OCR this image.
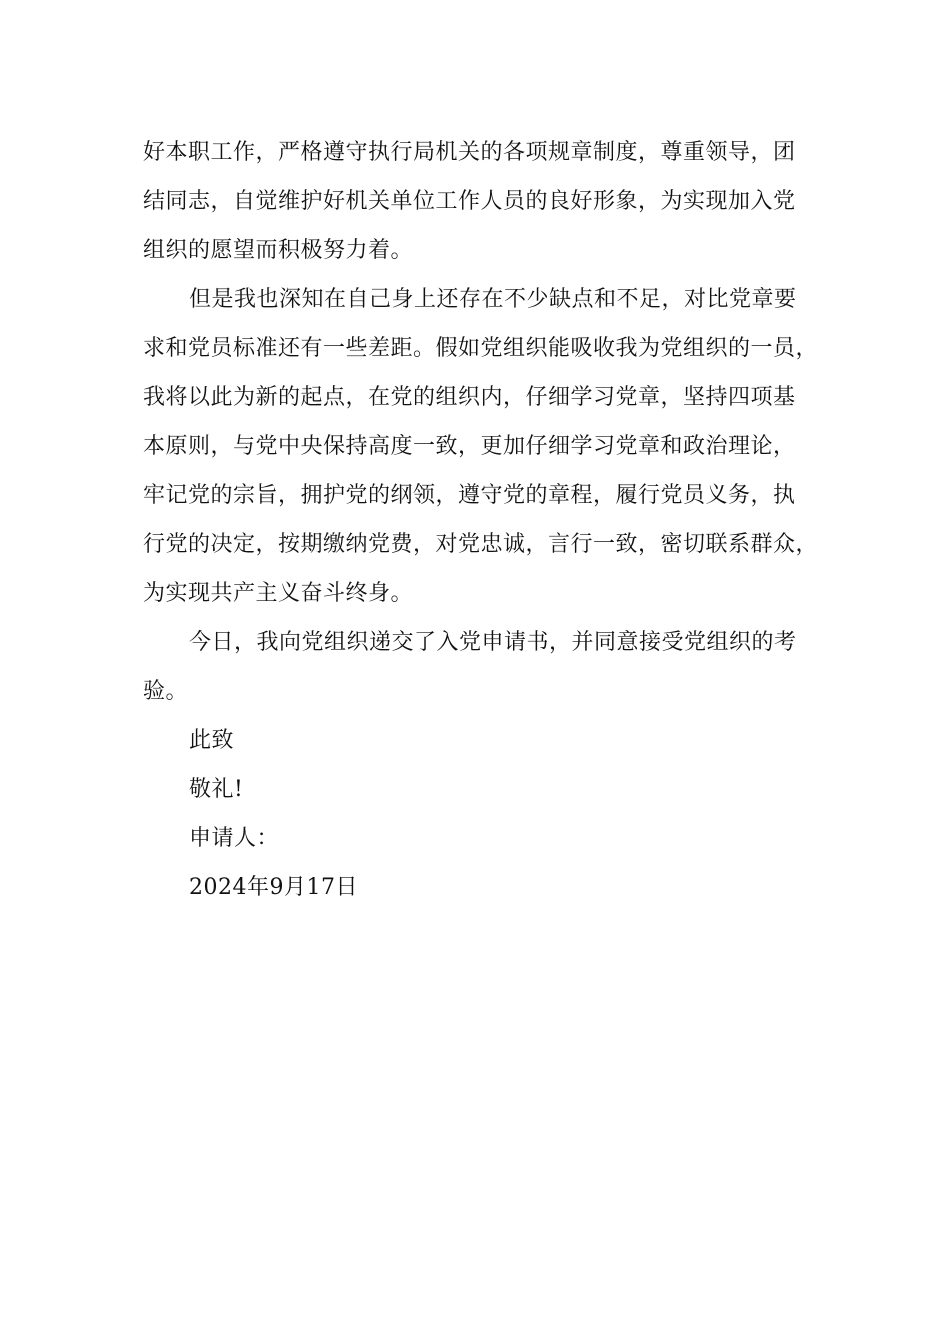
好本职工作，严格遵守执行局机关的各项规章制度，尊重领导，团
结同志，自觉维护好机关单位工作人员的良好形象，为实现加入党
组织的愿望而积极努力着。
但是我也深知在自己身上还存在不少缺点和不足，对比党章要
求和党员标准还有一些差距。假如党组织能吸收我为党组织的一员，
我将以此为新的起点，在党的组织内，仔细学习党章，坚持四项基
本原则，与党中央保持高度一致，更加仔细学习党章和政治理论，
牢记党的宗旨，拥护党的纲领，遵守党的章程，履行党员义务，执
行党的决定，按期缴纳党费，对党忠诚，言行一致，密切联系群众，
为实现共产主义奋斗终身。
今日，我向党组织递交了入党申请书，并同意接受党组织的考
验。
此致
敬礼!
申请人：
2024年9月17日
